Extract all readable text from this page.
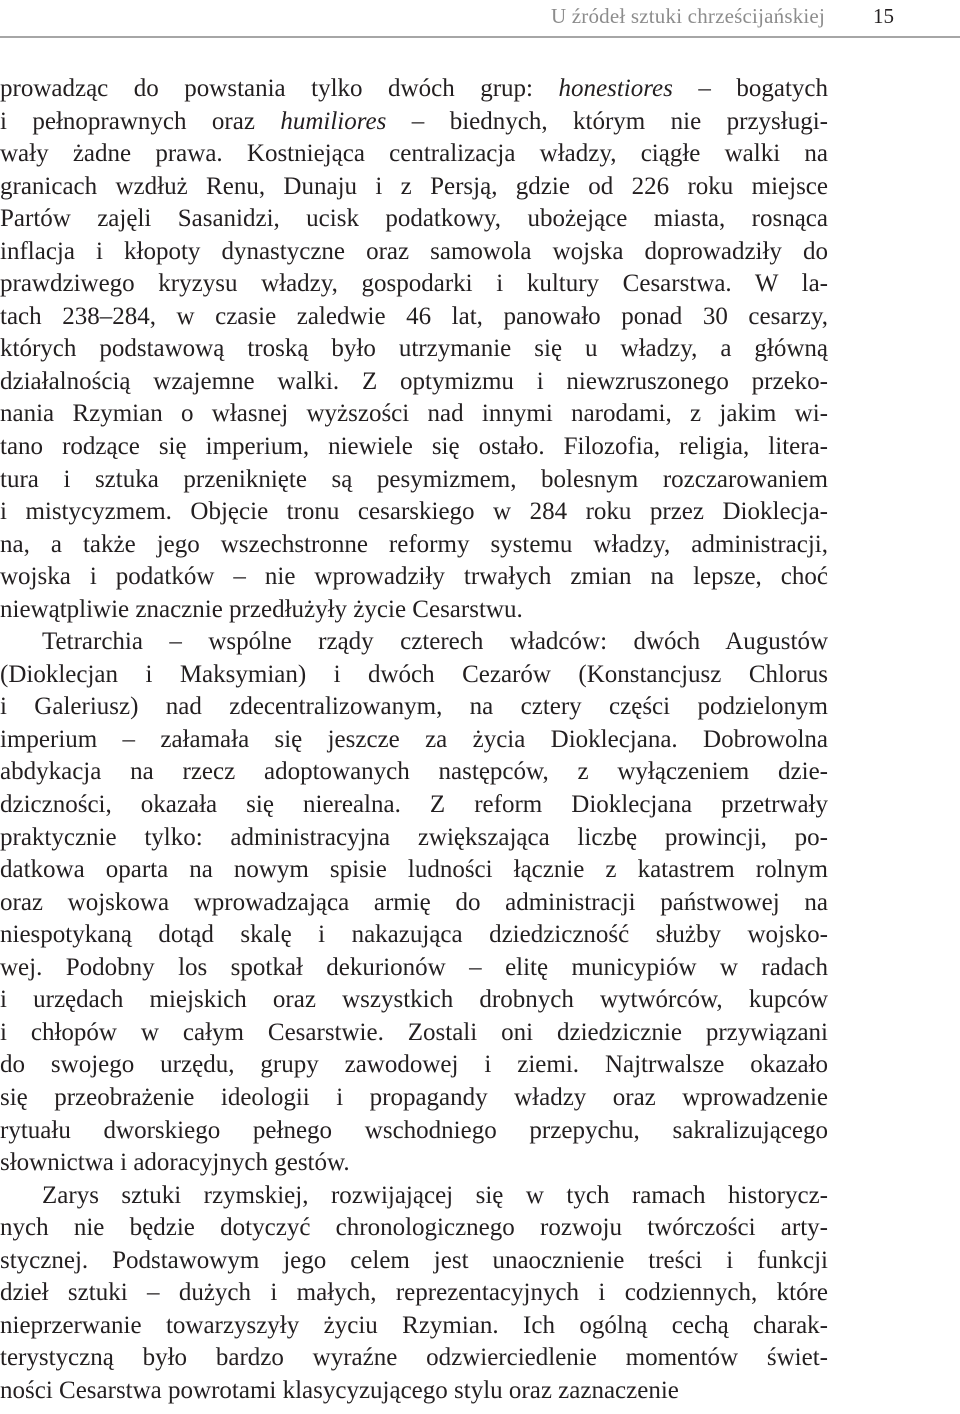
U źródeł sztuki chrześcijańskiej 15
prowadząc do powstania tylko dwóch grup: honestiores – bogatych
i pełnoprawnych oraz humiliores – biednych, którym nie przysługi-
wały żadne prawa. Kostniejąca centralizacja władzy, ciągłe walki na
granicach wzdłuż Renu, Dunaju i z Persją, gdzie od 226 roku miejsce
Partów zajęli Sasanidzi, ucisk podatkowy, ubożejące miasta, rosnąca
inflacja i kłopoty dynastyczne oraz samowola wojska doprowadziły do
prawdziwego kryzysu władzy, gospodarki i kultury Cesarstwa. W la-
tach 238–284, w czasie zaledwie 46 lat, panowało ponad 30 cesarzy,
których podstawową troską było utrzymanie się u władzy, a główną
działalnością wzajemne walki. Z optymizmu i niewzruszonego przeko-
nania Rzymian o własnej wyższości nad innymi narodami, z jakim wi-
tano rodzące się imperium, niewiele się ostało. Filozofia, religia, litera-
tura i sztuka przeniknięte są pesymizmem, bolesnym rozczarowaniem
i mistycyzmem. Objęcie tronu cesarskiego w 284 roku przez Dioklecja-
na, a także jego wszechstronne reformy systemu władzy, administracji,
wojska i podatków – nie wprowadziły trwałych zmian na lepsze, choć
niewątpliwie znacznie przedłużyły życie Cesarstwu.
Tetrarchia – wspólne rządy czterech władców: dwóch Augustów
(Dioklecjan i Maksymian) i dwóch Cezarów (Konstancjusz Chlorus
i Galeriusz) nad zdecentralizowanym, na cztery części podzielonym
imperium – załamała się jeszcze za życia Dioklecjana. Dobrowolna
abdykacja na rzecz adoptowanych następców, z wyłączeniem dzie-
dziczności, okazała się nierealna. Z reform Dioklecjana przetrwały
praktycznie tylko: administracyjna zwiększająca liczbę prowincji, po-
datkowa oparta na nowym spisie ludności łącznie z katastrem rolnym
oraz wojskowa wprowadzająca armię do administracji państwowej na
niespotykaną dotąd skalę i nakazująca dziedziczność służby wojsko-
wej. Podobny los spotkał dekurionów – elitę municypiów w radach
i urzędach miejskich oraz wszystkich drobnych wytwórców, kupców
i chłopów w całym Cesarstwie. Zostali oni dziedzicznie przywiązani
do swojego urzędu, grupy zawodowej i ziemi. Najtrwalsze okazało
się przeobrażenie ideologii i propagandy władzy oraz wprowadzenie
rytuału dworskiego pełnego wschodniego przepychu, sakralizującego
słownictwa i adoracyjnych gestów.
Zarys sztuki rzymskiej, rozwijającej się w tych ramach historycz-
nych nie będzie dotyczyć chronologicznego rozwoju twórczości arty-
stycznej. Podstawowym jego celem jest unaocznienie treści i funkcji
dzieł sztuki – dużych i małych, reprezentacyjnych i codziennych, które
nieprzerwanie towarzyszyły życiu Rzymian. Ich ogólną cechą charak-
terystyczną było bardzo wyraźne odzwierciedlenie momentów świet-
ności Cesarstwa powrotami klasycyzującego stylu oraz zaznaczenie
